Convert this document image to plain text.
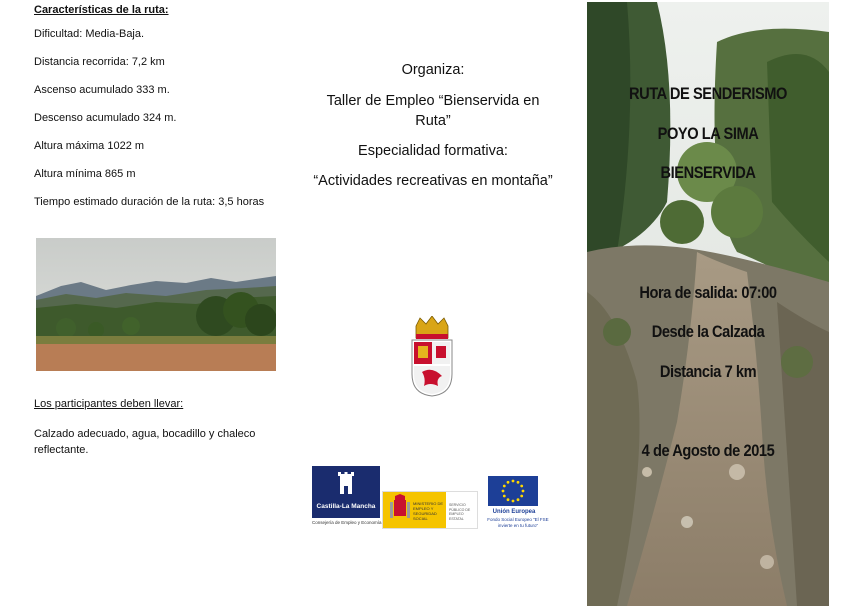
Características de la ruta:

Dificultad: Media-Baja.
Distancia recorrida: 7,2 km
Ascenso acumulado 333 m.
Descenso acumulado 324 m.
Altura máxima 1022 m
Altura mínima 865 m
Tiempo estimado duración de la ruta: 3,5 horas

Los participantes deben llevar:

Calzado adecuado, agua, bocadillo y chaleco reflectante.

Organiza:

Taller de Empleo “Bienservida en Ruta”

Especialidad formativa:

“Actividades recreativas en montaña”

Castilla-La Mancha
Consejería de Empleo y Economía
MINISTERIO DE EMPLEO Y SEGURIDAD SOCIAL
SERVICIO PÚBLICO DE EMPLEO ESTATAL
Unión Europea
Fondo Social Europeo "El FSE invierte en tu futuro"
RUTA DE SENDERISMO
POYO LA SIMA
BIENSERVIDA
Hora de salida: 07:00
Desde la Calzada
Distancia 7 km
4 de Agosto de 2015
